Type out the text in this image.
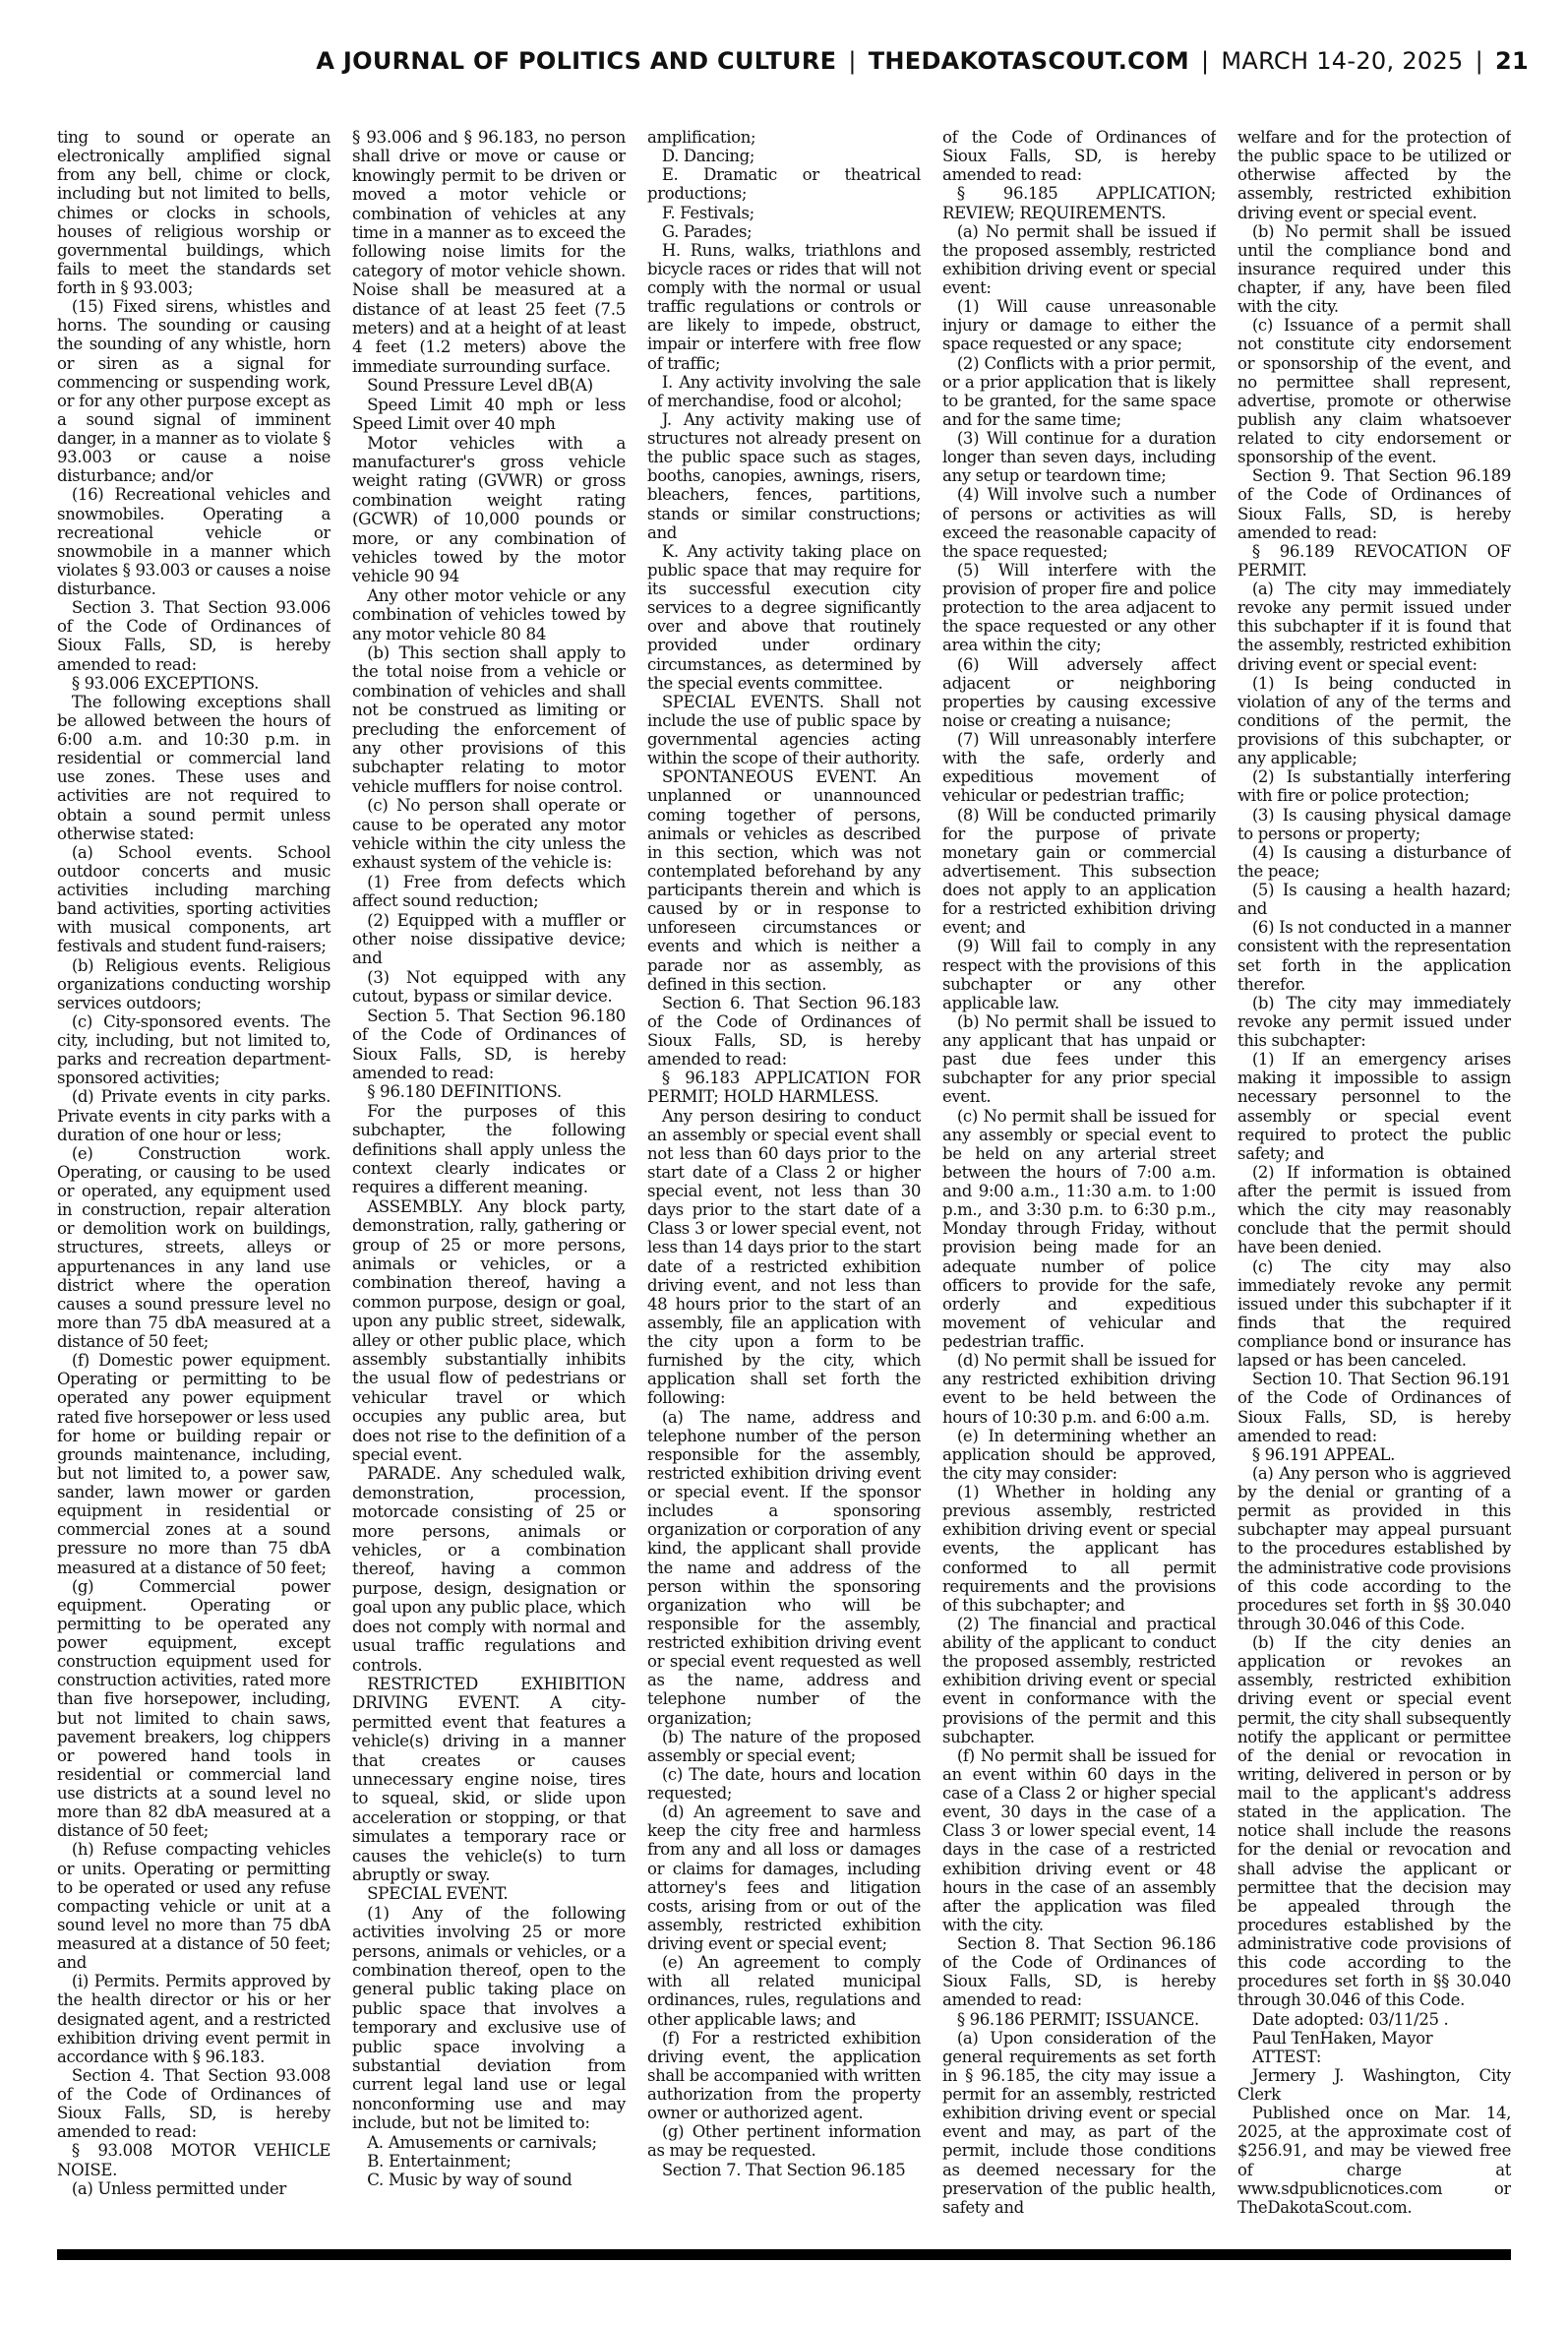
A JOURNAL OF POLITICS AND CULTURE | THEDAKOTASCOUT.COM | MARCH 14-20, 2025 | 21

ting to sound or operate an electronically amplified signal from any bell, chime or clock, including but not limited to bells, chimes or clocks in schools, houses of religious worship or governmental buildings, which fails to meet the standards set forth in § 93.003;

(15) Fixed sirens, whistles and horns. The sounding or causing the sounding of any whistle, horn or siren as a signal for commencing or suspending work, or for any other purpose except as a sound signal of imminent danger, in a manner as to violate § 93.003 or cause a noise disturbance; and/or

(16) Recreational vehicles and snowmobiles. Operating a recreational vehicle or snowmobile in a manner which violates § 93.003 or causes a noise disturbance.

Section 3. That Section 93.006 of the Code of Ordinances of Sioux Falls, SD, is hereby amended to read:

§ 93.006 EXCEPTIONS.

The following exceptions shall be allowed between the hours of 6:00 a.m. and 10:30 p.m. in residential or commercial land use zones. These uses and activities are not required to obtain a sound permit unless otherwise stated:

(a) School events. School outdoor concerts and music activities including marching band activities, sporting activities with musical components, art festivals and student fund-raisers;

(b) Religious events. Religious organizations conducting worship services outdoors;

(c) City-sponsored events. The city, including, but not limited to, parks and recreation department-sponsored activities;

(d) Private events in city parks. Private events in city parks with a duration of one hour or less;

(e) Construction work. Operating, or causing to be used or operated, any equipment used in construction, repair alteration or demolition work on buildings, structures, streets, alleys or appurtenances in any land use district where the operation causes a sound pressure level no more than 75 dbA measured at a distance of 50 feet;

(f) Domestic power equipment. Operating or permitting to be operated any power equipment rated five horsepower or less used for home or building repair or grounds maintenance, including, but not limited to, a power saw, sander, lawn mower or garden equipment in residential or commercial zones at a sound pressure no more than 75 dbA measured at a distance of 50 feet;

(g) Commercial power equipment. Operating or permitting to be operated any power equipment, except construction equipment used for construction activities, rated more than five horsepower, including, but not limited to chain saws, pavement breakers, log chippers or powered hand tools in residential or commercial land use districts at a sound level no more than 82 dbA measured at a distance of 50 feet;

(h) Refuse compacting vehicles or units. Operating or permitting to be operated or used any refuse compacting vehicle or unit at a sound level no more than 75 dbA measured at a distance of 50 feet; and

(i) Permits. Permits approved by the health director or his or her designated agent, and a restricted exhibition driving event permit in accordance with § 96.183.

Section 4. That Section 93.008 of the Code of Ordinances of Sioux Falls, SD, is hereby amended to read:

§ 93.008 MOTOR VEHICLE NOISE.

(a) Unless permitted under

§ 93.006 and § 96.183, no person shall drive or move or cause or knowingly permit to be driven or moved a motor vehicle or combination of vehicles at any time in a manner as to exceed the following noise limits for the category of motor vehicle shown. Noise shall be measured at a distance of at least 25 feet (7.5 meters) and at a height of at least 4 feet (1.2 meters) above the immediate surrounding surface.

Sound Pressure Level dB(A)

Speed Limit 40 mph or less Speed Limit over 40 mph

Motor vehicles with a manufacturer's gross vehicle weight rating (GVWR) or gross combination weight rating (GCWR) of 10,000 pounds or more, or any combination of vehicles towed by the motor vehicle 90 94

Any other motor vehicle or any combination of vehicles towed by any motor vehicle 80 84

(b) This section shall apply to the total noise from a vehicle or combination of vehicles and shall not be construed as limiting or precluding the enforcement of any other provisions of this subchapter relating to motor vehicle mufflers for noise control.

(c) No person shall operate or cause to be operated any motor vehicle within the city unless the exhaust system of the vehicle is:

(1) Free from defects which affect sound reduction;

(2) Equipped with a muffler or other noise dissipative device; and

(3) Not equipped with any cutout, bypass or similar device.

Section 5. That Section 96.180 of the Code of Ordinances of Sioux Falls, SD, is hereby amended to read:

§ 96.180 DEFINITIONS.

For the purposes of this subchapter, the following definitions shall apply unless the context clearly indicates or requires a different meaning.

ASSEMBLY. Any block party, demonstration, rally, gathering or group of 25 or more persons, animals or vehicles, or a combination thereof, having a common purpose, design or goal, upon any public street, sidewalk, alley or other public place, which assembly substantially inhibits the usual flow of pedestrians or vehicular travel or which occupies any public area, but does not rise to the definition of a special event.

PARADE. Any scheduled walk, demonstration, procession, motorcade consisting of 25 or more persons, animals or vehicles, or a combination thereof, having a common purpose, design, designation or goal upon any public place, which does not comply with normal and usual traffic regulations and controls.

RESTRICTED EXHIBITION DRIVING EVENT. A city-permitted event that features a vehicle(s) driving in a manner that creates or causes unnecessary engine noise, tires to squeal, skid, or slide upon acceleration or stopping, or that simulates a temporary race or causes the vehicle(s) to turn abruptly or sway.

SPECIAL EVENT.

(1) Any of the following activities involving 25 or more persons, animals or vehicles, or a combination thereof, open to the general public taking place on public space that involves a temporary and exclusive use of public space involving a substantial deviation from current legal land use or legal nonconforming use and may include, but not be limited to:

A. Amusements or carnivals;

B. Entertainment;

C. Music by way of sound

amplification;

D. Dancing;

E. Dramatic or theatrical productions;

F. Festivals;

G. Parades;

H. Runs, walks, triathlons and bicycle races or rides that will not comply with the normal or usual traffic regulations or controls or are likely to impede, obstruct, impair or interfere with free flow of traffic;

I. Any activity involving the sale of merchandise, food or alcohol;

J. Any activity making use of structures not already present on the public space such as stages, booths, canopies, awnings, risers, bleachers, fences, partitions, stands or similar constructions; and

K. Any activity taking place on public space that may require for its successful execution city services to a degree significantly over and above that routinely provided under ordinary circumstances, as determined by the special events committee.

SPECIAL EVENTS. Shall not include the use of public space by governmental agencies acting within the scope of their authority.

SPONTANEOUS EVENT. An unplanned or unannounced coming together of persons, animals or vehicles as described in this section, which was not contemplated beforehand by any participants therein and which is caused by or in response to unforeseen circumstances or events and which is neither a parade nor as assembly, as defined in this section.

Section 6. That Section 96.183 of the Code of Ordinances of Sioux Falls, SD, is hereby amended to read:

§ 96.183 APPLICATION FOR PERMIT; HOLD HARMLESS.

Any person desiring to conduct an assembly or special event shall not less than 60 days prior to the start date of a Class 2 or higher special event, not less than 30 days prior to the start date of a Class 3 or lower special event, not less than 14 days prior to the start date of a restricted exhibition driving event, and not less than 48 hours prior to the start of an assembly, file an application with the city upon a form to be furnished by the city, which application shall set forth the following:

(a) The name, address and telephone number of the person responsible for the assembly, restricted exhibition driving event or special event. If the sponsor includes a sponsoring organization or corporation of any kind, the applicant shall provide the name and address of the person within the sponsoring organization who will be responsible for the assembly, restricted exhibition driving event or special event requested as well as the name, address and telephone number of the organization;

(b) The nature of the proposed assembly or special event;

(c) The date, hours and location requested;

(d) An agreement to save and keep the city free and harmless from any and all loss or damages or claims for damages, including attorney's fees and litigation costs, arising from or out of the assembly, restricted exhibition driving event or special event;

(e) An agreement to comply with all related municipal ordinances, rules, regulations and other applicable laws; and

(f) For a restricted exhibition driving event, the application shall be accompanied with written authorization from the property owner or authorized agent.

(g) Other pertinent information as may be requested.

Section 7. That Section 96.185

of the Code of Ordinances of Sioux Falls, SD, is hereby amended to read:

§ 96.185 APPLICATION; REVIEW; REQUIREMENTS.

(a) No permit shall be issued if the proposed assembly, restricted exhibition driving event or special event:

(1) Will cause unreasonable injury or damage to either the space requested or any space;

(2) Conflicts with a prior permit, or a prior application that is likely to be granted, for the same space and for the same time;

(3) Will continue for a duration longer than seven days, including any setup or teardown time;

(4) Will involve such a number of persons or activities as will exceed the reasonable capacity of the space requested;

(5) Will interfere with the provision of proper fire and police protection to the area adjacent to the space requested or any other area within the city;

(6) Will adversely affect adjacent or neighboring properties by causing excessive noise or creating a nuisance;

(7) Will unreasonably interfere with the safe, orderly and expeditious movement of vehicular or pedestrian traffic;

(8) Will be conducted primarily for the purpose of private monetary gain or commercial advertisement. This subsection does not apply to an application for a restricted exhibition driving event; and

(9) Will fail to comply in any respect with the provisions of this subchapter or any other applicable law.

(b) No permit shall be issued to any applicant that has unpaid or past due fees under this subchapter for any prior special event.

(c) No permit shall be issued for any assembly or special event to be held on any arterial street between the hours of 7:00 a.m. and 9:00 a.m., 11:30 a.m. to 1:00 p.m., and 3:30 p.m. to 6:30 p.m., Monday through Friday, without provision being made for an adequate number of police officers to provide for the safe, orderly and expeditious movement of vehicular and pedestrian traffic.

(d) No permit shall be issued for any restricted exhibition driving event to be held between the hours of 10:30 p.m. and 6:00 a.m.

(e) In determining whether an application should be approved, the city may consider:

(1) Whether in holding any previous assembly, restricted exhibition driving event or special events, the applicant has conformed to all permit requirements and the provisions of this subchapter; and

(2) The financial and practical ability of the applicant to conduct the proposed assembly, restricted exhibition driving event or special event in conformance with the provisions of the permit and this subchapter.

(f) No permit shall be issued for an event within 60 days in the case of a Class 2 or higher special event, 30 days in the case of a Class 3 or lower special event, 14 days in the case of a restricted exhibition driving event or 48 hours in the case of an assembly after the application was filed with the city.

Section 8. That Section 96.186 of the Code of Ordinances of Sioux Falls, SD, is hereby amended to read:

§ 96.186 PERMIT; ISSUANCE.

(a) Upon consideration of the general requirements as set forth in § 96.185, the city may issue a permit for an assembly, restricted exhibition driving event or special event and may, as part of the permit, include those conditions as deemed necessary for the preservation of the public health, safety and

welfare and for the protection of the public space to be utilized or otherwise affected by the assembly, restricted exhibition driving event or special event.

(b) No permit shall be issued until the compliance bond and insurance required under this chapter, if any, have been filed with the city.

(c) Issuance of a permit shall not constitute city endorsement or sponsorship of the event, and no permittee shall represent, advertise, promote or otherwise publish any claim whatsoever related to city endorsement or sponsorship of the event.

Section 9. That Section 96.189 of the Code of Ordinances of Sioux Falls, SD, is hereby amended to read:

§ 96.189 REVOCATION OF PERMIT.

(a) The city may immediately revoke any permit issued under this subchapter if it is found that the assembly, restricted exhibition driving event or special event:

(1) Is being conducted in violation of any of the terms and conditions of the permit, the provisions of this subchapter, or any applicable;

(2) Is substantially interfering with fire or police protection;

(3) Is causing physical damage to persons or property;

(4) Is causing a disturbance of the peace;

(5) Is causing a health hazard; and

(6) Is not conducted in a manner consistent with the representation set forth in the application therefor.

(b) The city may immediately revoke any permit issued under this subchapter:

(1) If an emergency arises making it impossible to assign necessary personnel to the assembly or special event required to protect the public safety; and

(2) If information is obtained after the permit is issued from which the city may reasonably conclude that the permit should have been denied.

(c) The city may also immediately revoke any permit issued under this subchapter if it finds that the required compliance bond or insurance has lapsed or has been canceled.

Section 10. That Section 96.191 of the Code of Ordinances of Sioux Falls, SD, is hereby amended to read:

§ 96.191 APPEAL.

(a) Any person who is aggrieved by the denial or granting of a permit as provided in this subchapter may appeal pursuant to the procedures established by the administrative code provisions of this code according to the procedures set forth in §§ 30.040 through 30.046 of this Code.

(b) If the city denies an application or revokes an assembly, restricted exhibition driving event or special event permit, the city shall subsequently notify the applicant or permittee of the denial or revocation in writing, delivered in person or by mail to the applicant's address stated in the application. The notice shall include the reasons for the denial or revocation and shall advise the applicant or permittee that the decision may be appealed through the procedures established by the administrative code provisions of this code according to the procedures set forth in §§ 30.040 through 30.046 of this Code.

Date adopted: 03/11/25 .

Paul TenHaken, Mayor

ATTEST:

Jermery J. Washington, City Clerk

Published once on Mar. 14, 2025, at the approximate cost of $256.91, and may be viewed free of charge at www.sdpublicnotices.com or TheDakotaScout.com.
